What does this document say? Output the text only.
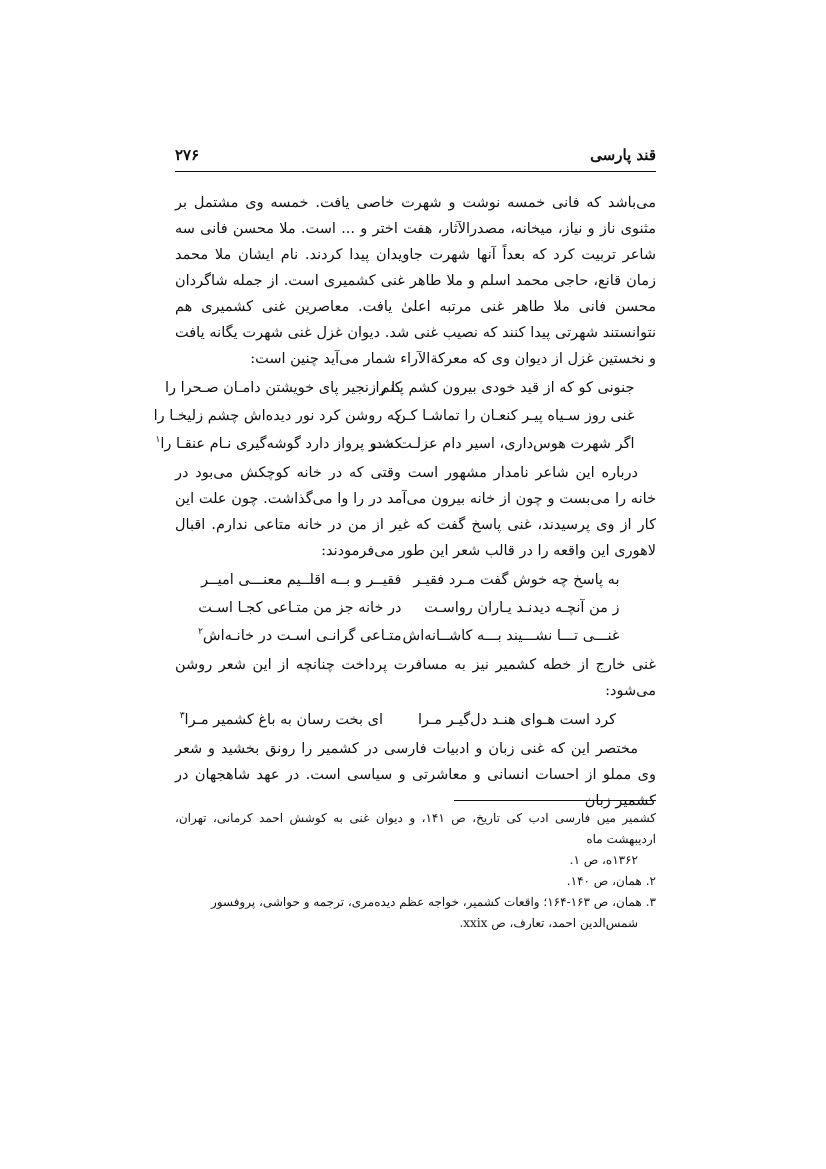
قند پارسی
۲۷۶

می‌باشد که فانی خمسه نوشت و شهرت خاصی یافت. خمسه وی مشتمل بر مثنوی ناز و نیاز، میخانه، مصدرالآثار، هفت اختر و ... است. ملا محسن فانی سه شاعر تربیت کرد که بعداً آنها شهرت جاویدان پیدا کردند. نام ایشان ملا محمد زمان قانع، حاجی محمد اسلم و ملا طاهر غنی کشمیری است. از جمله شاگردان محسن فانی ملا طاهر غنی مرتبه اعلیٰ یافت. معاصرین غنی کشمیری هم نتوانستند شهرتی پیدا کنند که نصیب غنی شد. دیوان غزل غنی شهرت یگانه یافت و نخستین غزل از دیوان وی که معرکة‌الآراء شمار می‌آید چنین است:

جنونی کو که از قید خودی بیرون کشم پـا را
کنم زنجیر پای خویشتن دامـان صـحرا را
غنی روز سـیاه پیـر کنعـان را تماشـا کـن
که روشن کرد نور دیده‌اش چشم زلیخـا را
اگر شهرت هوس‌داری، اسیر دام عزلـت شـو
که در پرواز دارد گوشه‌گیری نـام عنقـا را$^۱$

درباره این شاعر نامدار مشهور است وقتی که در خانه کوچکش می‌بود در خانه را می‌بست و چون از خانه بیرون می‌آمد در را وا می‌گذاشت. چون علت این کار از وی پرسیدند، غنی پاسخ گفت که غیر از من در خانه متاعی ندارم. اقبال لاهوری این واقعه را در قالب شعر این طور می‌فرمودند:

به پاسخ چه خوش گفت مـرد فقیـر
فقیــر و بــه اقلــیم معنـــی امیــر
ز من آنچـه دیدنـد یـاران رواسـت
در خانه جز من متـاعی کجـا اسـت
غنـــی تـــا نشـــیند بـــه کاشــانه‌اش
متـاعی گرانـی اسـت در خانـه‌اش$^۲$

غنی خارج از خطه کشمیر نیز به مسافرت پرداخت چنانچه از این شعر روشن می‌شود:

کرد است هـوای هنـد دل‌گیـر مـرا
ای بخت رسان به باغ کشمیر مـرا$^۳$

مختصر این که غنی زبان و ادبیات فارسی در کشمیر را رونق بخشید و شعر وی مملو از احسات انسانی و معاشرتی و سیاسی است. در عهد شاهجهان در کشمیر زبان

کشمیر میں فارسی ادب کی تاریخ، ص ۱۴۱، و دیوان غنی به کوشش احمد کرمانی، تهران، اردیبهشت ماه
۱۳۶۲ه، ص ۱.

۲.همان، ص ۱۴۰.

۳.همان، ص ۱۶۳-۱۶۴؛ واقعات کشمیر، خواجه عظم دیده‌مری، ترجمه و حواشی، پروفسور
شمس‌الدین احمد، تعارف، ص xxix.
